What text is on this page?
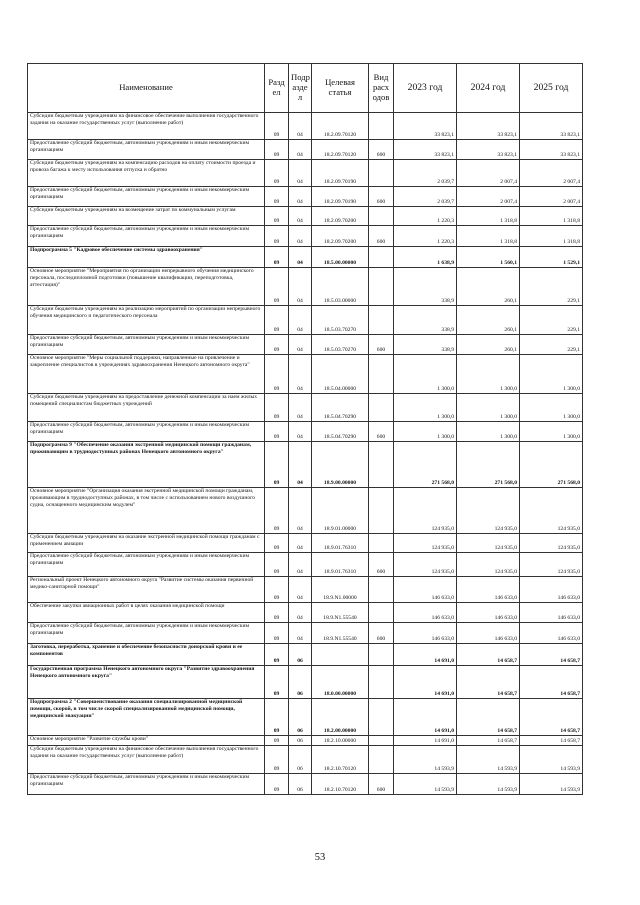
Наименование	Разд ел	Подр азде л	Целевая статья	Вид расх одов	2023 год	2024 год	2025 год
Субсидии бюджетным учреждениям на финансовое обеспечение выполнения государственного задания на оказание государственных услуг (выполнение работ)	09	04	18.2.09.70120		33 823,1	33 823,1	33 823,1
Предоставление субсидий бюджетным, автономным учреждениям и иным некоммерческим организациям	09	04	18.2.09.70120	600	33 823,1	33 823,1	33 823,1
Субсидии бюджетным учреждениям на компенсацию расходов на оплату стоимости проезда и провоза багажа к месту использования отпуска и обратно	09	04	18.2.09.70190		2 039,7	2 007,4	2 007,4
Предоставление субсидий бюджетным, автономным учреждениям и иным некоммерческим организациям	09	04	18.2.09.70190	600	2 039,7	2 007,4	2 007,4
Субсидии бюджетным учреждениям на возмещение затрат по коммунальным услугам	09	04	18.2.09.70200		1 220,3	1 318,8	1 318,8
Предоставление субсидий бюджетным, автономным учреждениям и иным некоммерческим организациям	09	04	18.2.09.70200	600	1 220,3	1 318,8	1 318,8
Подпрограмма 5 "Кадровое обеспечение системы здравоохранения"	09	04	18.5.00.00000		1 638,9	1 560,1	1 529,1
Основное мероприятие "Мероприятия по организации непрерывного обучения медицинского персонала, последипломной подготовки (повышение квалификации, переподготовка, аттестация)"	09	04	18.5.03.00000		338,9	260,1	229,1
Субсидии бюджетным учреждениям на реализацию мероприятий по организации непрерывного обучения медицинского и педагогического персонала	09	04	18.5.03.70270		338,9	260,1	229,1
Предоставление субсидий бюджетным, автономным учреждениям и иным некоммерческим организациям	09	04	18.5.03.70270	600	338,9	260,1	229,1
Основное мероприятие "Меры социальной поддержки, направленные на привлечение и закрепление специалистов в учреждениях здравоохранения Ненецкого автономного округа"	09	04	18.5.04.00000		1 300,0	1 300,0	1 300,0
Субсидии бюджетным учреждениям на предоставление денежной компенсации за наем жилых помещений специалистам бюджетных учреждений	09	04	18.5.04.70290		1 300,0	1 300,0	1 300,0
Предоставление субсидий бюджетным, автономным учреждениям и иным некоммерческим организациям	09	04	18.5.04.70290	600	1 300,0	1 300,0	1 300,0
Подпрограмма 9 "Обеспечение оказания экстренной медицинской помощи гражданам, проживающим в труднодоступных районах Ненецкого автономного округа"	09	04	18.9.00.00000		271 568,0	271 568,0	271 568,0
Основное мероприятие "Организация оказания экстренной медицинской помощи гражданам, проживающим в труднодоступных районах, в том числе с использованием нового воздушного судна, оснащенного медицинским модулем"	09	04	18.9.01.00000		124 935,0	124 935,0	124 935,0
Субсидии бюджетным учреждениям на оказание экстренной медицинской помощи гражданам с применением авиации	09	04	18.9.01.76310		124 935,0	124 935,0	124 935,0
Предоставление субсидий бюджетным, автономным учреждениям и иным некоммерческим организациям	09	04	18.9.01.76310	600	124 935,0	124 935,0	124 935,0
Региональный проект Ненецкого автономного округа "Развитие системы оказания первичной медико-санитарной помощи"	09	04	18.9.N1.00000		146 633,0	146 633,0	146 633,0
Обеспечение закупки авиационных работ в целях оказания медицинской помощи	09	04	18.9.N1.55540		146 633,0	146 633,0	146 633,0
Предоставление субсидий бюджетным, автономным учреждениям и иным некоммерческим организациям	09	04	18.9.N1.55540	600	146 633,0	146 633,0	146 633,0
Заготовка, переработка, хранение и обеспечение безопасности донорской крови и ее компонентов	09	06			14 691,0	14 658,7	14 658,7
Государственная программа Ненецкого автономного округа "Развитие здравоохранения Ненецкого автономного округа"	09	06	18.0.00.00000		14 691,0	14 658,7	14 658,7
Подпрограмма 2 "Совершенствование оказания специализированной медицинской помощи, скорой, в том числе скорой специализированной медицинской помощи, медицинской эвакуации"	09	06	18.2.00.00000		14 691,0	14 658,7	14 658,7
Основное мероприятие "Развитие службы крови"	09	06	18.2.10.00000		14 691,0	14 658,7	14 658,7
Субсидии бюджетным учреждениям на финансовое обеспечение выполнения государственного задания на оказание государственных услуг (выполнение работ)	09	06	18.2.10.70120		14 593,9	14 593,9	14 593,9
Предоставление субсидий бюджетным, автономным учреждениям и иным некоммерческим организациям	09	06	18.2.10.70120	600	14 593,9	14 593,9	14 593,9
53
